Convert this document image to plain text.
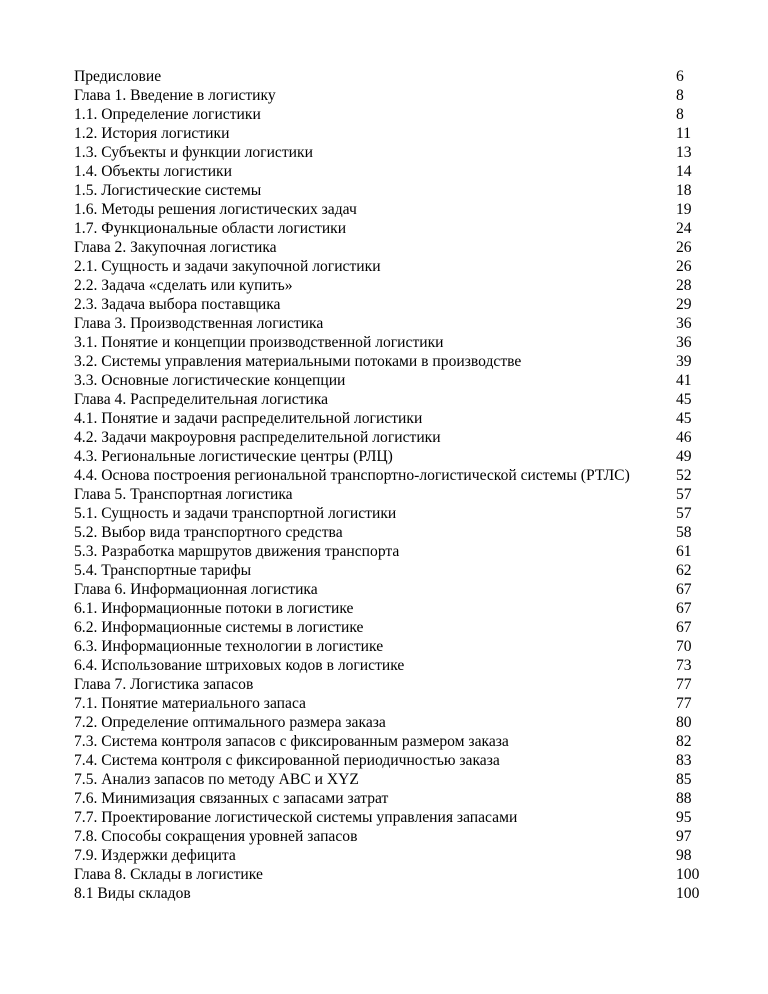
Предисловие	6
Глава 1. Введение в логистику	8
1.1. Определение логистики	8
1.2. История логистики	11
1.3. Субъекты и функции логистики	13
1.4. Объекты логистики	14
1.5. Логистические системы	18
1.6. Методы решения логистических задач	19
1.7. Функциональные области логистики	24
Глава 2. Закупочная логистика	26
2.1. Сущность и задачи закупочной логистики	26
2.2. Задача «сделать или купить»	28
2.3. Задача выбора поставщика	29
Глава 3. Производственная логистика	36
3.1. Понятие и концепции производственной логистики	36
3.2. Системы управления материальными потоками в производстве	39
3.3. Основные логистические концепции	41
Глава 4. Распределительная логистика	45
4.1. Понятие и задачи распределительной логистики	45
4.2. Задачи макроуровня распределительной логистики	46
4.3. Региональные логистические центры (РЛЦ)	49
4.4. Основа построения региональной транспортно-логистической системы (РТЛС)	52
Глава 5. Транспортная логистика	57
5.1. Сущность и задачи транспортной логистики	57
5.2. Выбор вида транспортного средства	58
5.3. Разработка маршрутов движения транспорта	61
5.4. Транспортные тарифы	62
Глава 6. Информационная логистика	67
6.1. Информационные потоки в логистике	67
6.2. Информационные системы в логистике	67
6.3. Информационные технологии в логистике	70
6.4. Использование штриховых кодов в логистике	73
Глава 7. Логистика запасов	77
7.1. Понятие материального запаса	77
7.2. Определение оптимального размера заказа	80
7.3. Система контроля запасов с фиксированным размером заказа	82
7.4. Система контроля с фиксированной периодичностью заказа	83
7.5. Анализ запасов по методу ABC и XYZ	85
7.6. Минимизация связанных с запасами затрат	88
7.7. Проектирование логистической системы управления запасами	95
7.8. Способы сокращения уровней запасов	97
7.9. Издержки дефицита	98
Глава 8. Склады в логистике	100
8.1 Виды складов	100
